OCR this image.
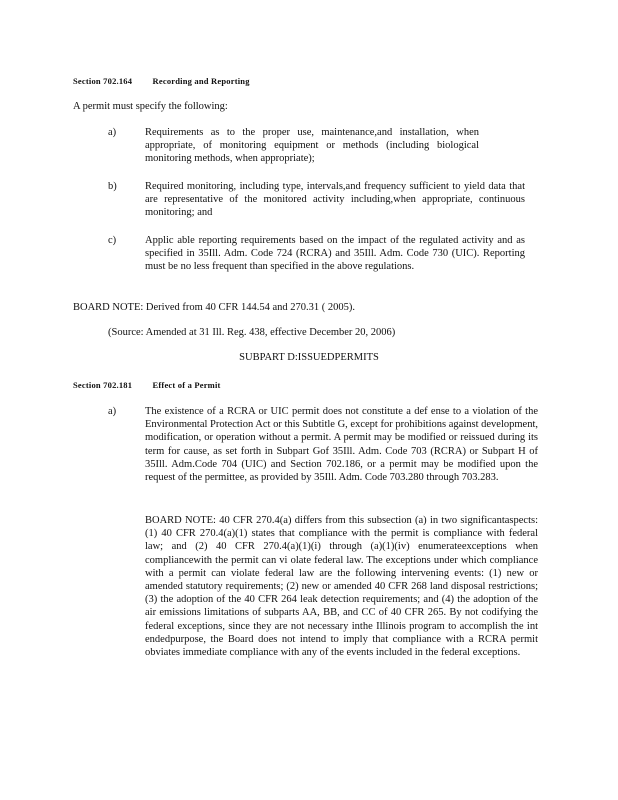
Section 702.164 Recording and Reporting
A permit must specify the following:
a)	Requirements as to the proper use, maintenance,and installation, when appropriate, of monitoring equipment or methods (including biological monitoring methods, when appropriate);
b)	Required monitoring, including type, intervals,and frequency sufficient to yield data that are representative of the monitored activity including,when appropriate, continuous monitoring; and
c)	Applic able reporting requirements based on the impact of the regulated activity and as specified in 35Ill. Adm. Code 724 (RCRA) and 35Ill. Adm. Code 730 (UIC). Reporting must be no less frequent than specified in the above regulations.
BOARD NOTE: Derived from 40 CFR 144.54 and 270.31 ( 2005).
(Source: Amended at 31 Ill. Reg. 438, effective December 20, 2006)
SUBPART D:ISSUEDPERMITS
Section 702.181 Effect of a Permit
a)	The existence of a RCRA or UIC permit does not constitute a def ense to a violation of the Environmental Protection Act or this Subtitle G, except for prohibitions against development, modification, or operation without a permit. A permit may be modified or reissued during its term for cause, as set forth in Subpart Gof 35Ill. Adm. Code 703 (RCRA) or Subpart H of 35Ill. Adm.Code 704 (UIC) and Section 702.186, or a permit may be modified upon the request of the permittee, as provided by 35Ill. Adm. Code 703.280 through 703.283.
BOARD NOTE: 40 CFR 270.4(a) differs from this subsection (a) in two significantaspects: (1) 40 CFR 270.4(a)(1) states that compliance with the permit is compliance with federal law; and (2) 40 CFR 270.4(a)(1)(i) through (a)(1)(iv) enumerateexceptions when compliancewith the permit can vi olate federal law. The exceptions under which compliance with a permit can violate federal law are the following intervening events: (1) new or amended statutory requirements; (2) new or amended 40 CFR 268 land disposal restrictions; (3) the adoption of the 40 CFR 264 leak detection requirements; and (4) the adoption of the air emissions limitations of subparts AA, BB, and CC of 40 CFR 265. By not codifying the federal exceptions, since they are not necessary inthe Illinois program to accomplish the int endedpurpose, the Board does not intend to imply that compliance with a RCRA permit obviates immediate compliance with any of the events included in the federal exceptions.
